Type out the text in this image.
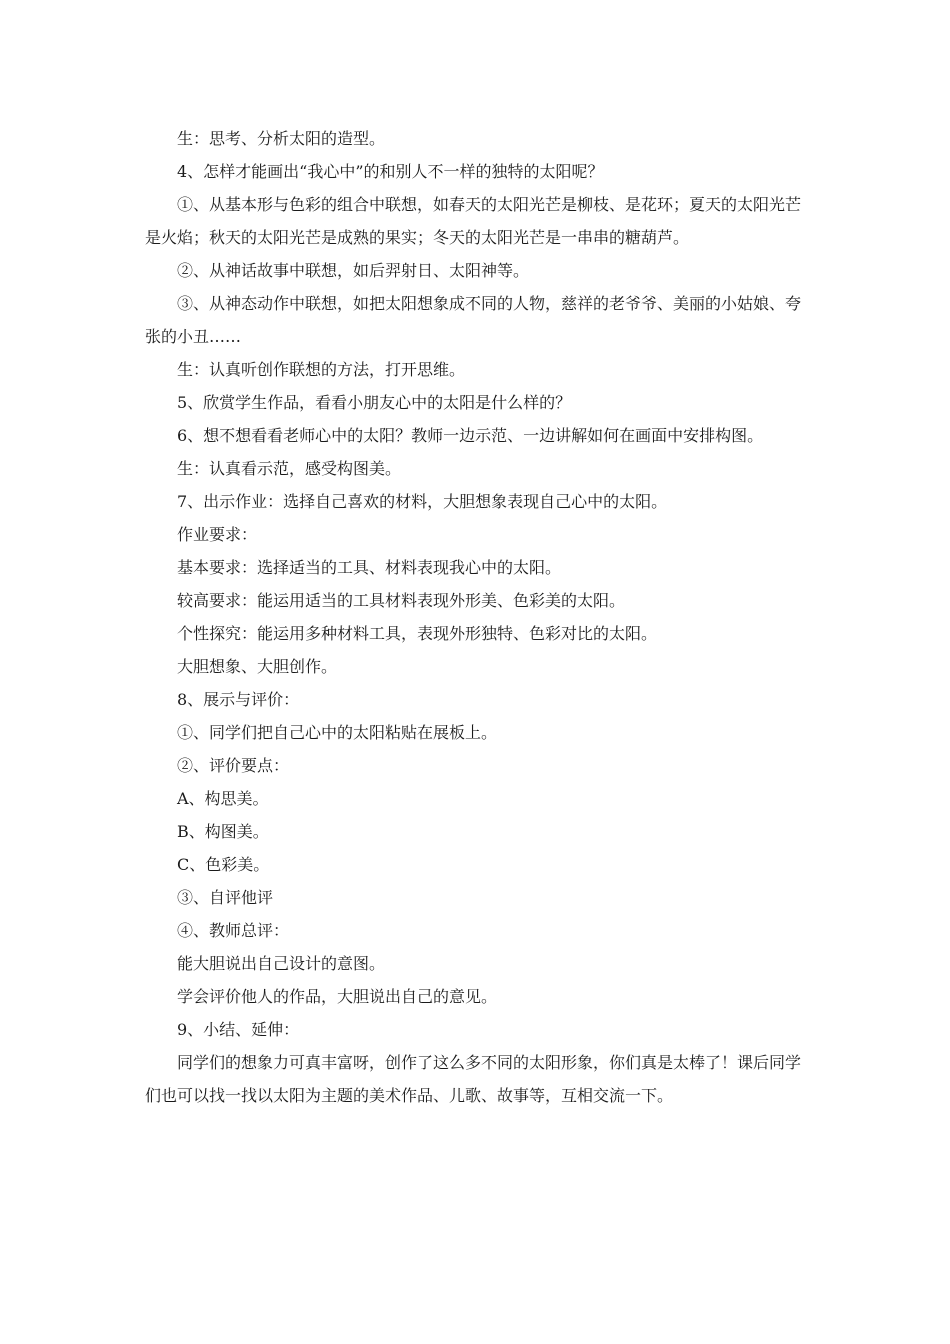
生：思考、分析太阳的造型。

4、怎样才能画出“我心中”的和别人不一样的独特的太阳呢？

①、从基本形与色彩的组合中联想，如春天的太阳光芒是柳枝、是花环；夏天的太阳光芒是火焰；秋天的太阳光芒是成熟的果实；冬天的太阳光芒是一串串的糖葫芦。

②、从神话故事中联想，如后羿射日、太阳神等。

③、从神态动作中联想，如把太阳想象成不同的人物，慈祥的老爷爷、美丽的小姑娘、夸张的小丑……

生：认真听创作联想的方法，打开思维。

5、欣赏学生作品，看看小朋友心中的太阳是什么样的？

6、想不想看看老师心中的太阳？教师一边示范、一边讲解如何在画面中安排构图。

生：认真看示范，感受构图美。

7、出示作业：选择自己喜欢的材料，大胆想象表现自己心中的太阳。

作业要求：

基本要求：选择适当的工具、材料表现我心中的太阳。

较高要求：能运用适当的工具材料表现外形美、色彩美的太阳。

个性探究：能运用多种材料工具，表现外形独特、色彩对比的太阳。

大胆想象、大胆创作。

8、展示与评价：

①、同学们把自己心中的太阳粘贴在展板上。

②、评价要点：

A、构思美。

B、构图美。

C、色彩美。

③、自评他评

④、教师总评：

能大胆说出自己设计的意图。

学会评价他人的作品，大胆说出自己的意见。

9、小结、延伸：

同学们的想象力可真丰富呀，创作了这么多不同的太阳形象，你们真是太棒了！课后同学们也可以找一找以太阳为主题的美术作品、儿歌、故事等，互相交流一下。
